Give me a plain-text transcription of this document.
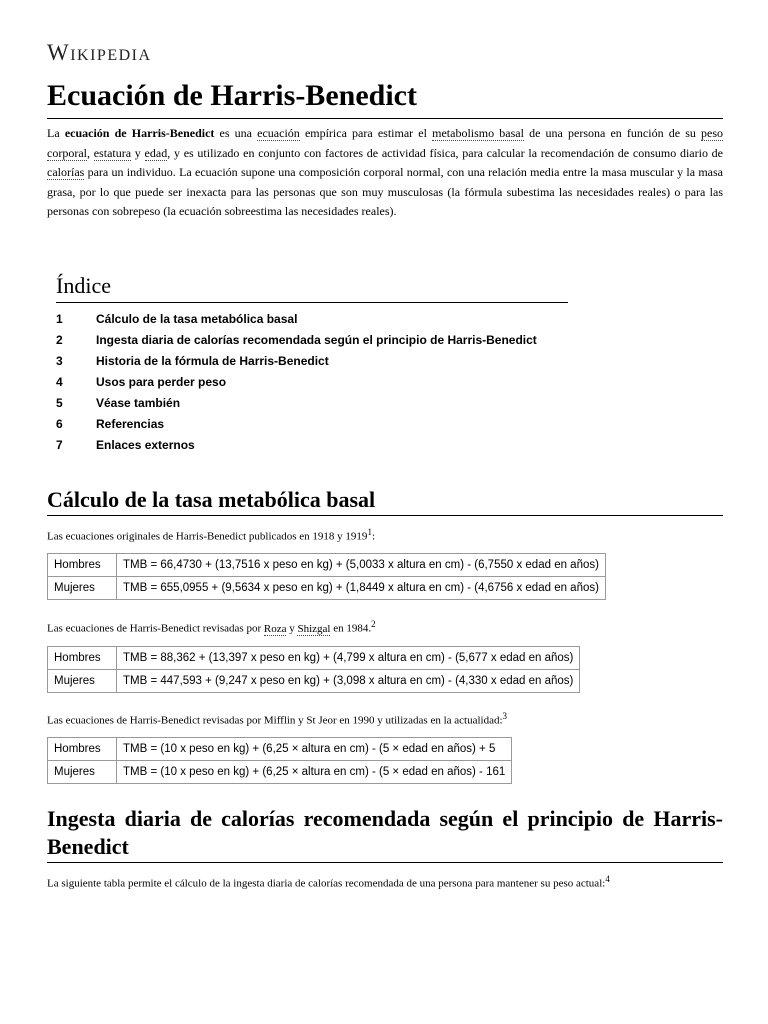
Wikipedia
Ecuación de Harris-Benedict
La ecuación de Harris-Benedict es una ecuación empírica para estimar el metabolismo basal de una persona en función de su peso corporal, estatura y edad, y es utilizado en conjunto con factores de actividad física, para calcular la recomendación de consumo diario de calorías para un individuo. La ecuación supone una composición corporal normal, con una relación media entre la masa muscular y la masa grasa, por lo que puede ser inexacta para las personas que son muy musculosas (la fórmula subestima las necesidades reales) o para las personas con sobrepeso (la ecuación sobreestima las necesidades reales).
Índice
1	Cálculo de la tasa metabólica basal
2	Ingesta diaria de calorías recomendada según el principio de Harris-Benedict
3	Historia de la fórmula de Harris-Benedict
4	Usos para perder peso
5	Véase también
6	Referencias
7	Enlaces externos
Cálculo de la tasa metabólica basal
Las ecuaciones originales de Harris-Benedict publicados en 1918 y 1919$^1$:
Hombres	TMB = 66,4730 + (13,7516 x peso en kg) + (5,0033 x altura en cm) - (6,7550 x edad en años)
Mujeres	TMB = 655,0955 + (9,5634 x peso en kg) + (1,8449 x altura en cm) - (4,6756 x edad en años)
Las ecuaciones de Harris-Benedict revisadas por Roza y Shizgal en 1984.$^2$
Hombres	TMB = 88,362 + (13,397 x peso en kg) + (4,799 x altura en cm) - (5,677 x edad en años)
Mujeres	TMB = 447,593 + (9,247 x peso en kg) + (3,098 x altura en cm) - (4,330 x edad en años)
Las ecuaciones de Harris-Benedict revisadas por Mifflin y St Jeor en 1990 y utilizadas en la actualidad:$^3$
Hombres	TMB = (10 x peso en kg) + (6,25 × altura en cm) - (5 × edad en años) + 5
Mujeres	TMB = (10 x peso en kg) + (6,25 × altura en cm) - (5 × edad en años) - 161
Ingesta diaria de calorías recomendada según el principio de Harris-Benedict
La siguiente tabla permite el cálculo de la ingesta diaria de calorías recomendada de una persona para mantener su peso actual:$^4$
